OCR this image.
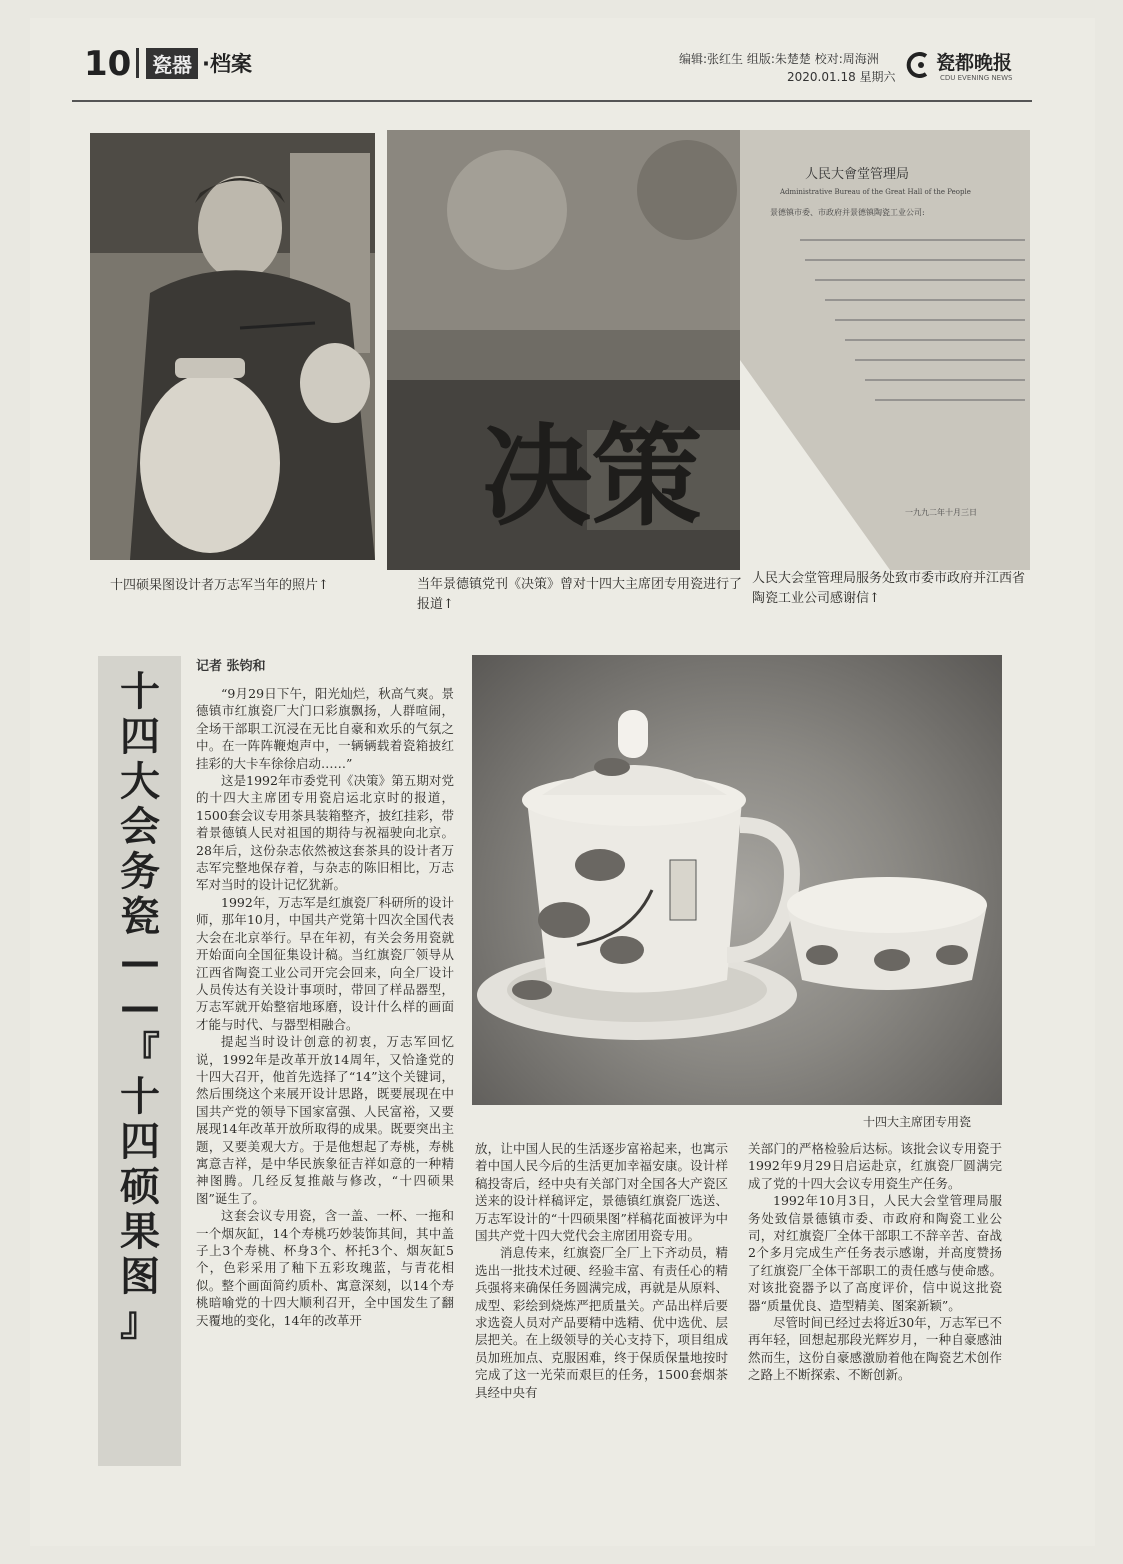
10	瓷器 ·档案	编辑:张红生 组版:朱楚楚 校对:周海洲
2020.01.18 星期六
瓷都晚报
CDU EVENING NEWS
十四硕果图设计者万志军当年的照片↑
决策
当年景德镇党刊《决策》曾对十四大主席团专用瓷进行了报道↑
人民大會堂管理局
Administrative Bureau of the Great Hall of the People
景德镇市委、市政府并景德镇陶瓷工业公司:
一九九二年十月三日
人民大会堂管理局服务处致市委市政府并江西省陶瓷工业公司感谢信↑
十
四
大
会
务
瓷
—
—
『
十
四
硕
果
图
』
记者 张钧和

“9月29日下午，阳光灿烂，秋高气爽。景德镇市红旗瓷厂大门口彩旗飘扬，人群喧闹，全场干部职工沉浸在无比自豪和欢乐的气氛之中。在一阵阵鞭炮声中，一辆辆载着瓷箱披红挂彩的大卡车徐徐启动……”

这是1992年市委党刊《决策》第五期对党的十四大主席团专用瓷启运北京时的报道，1500套会议专用茶具装箱整齐，披红挂彩，带着景德镇人民对祖国的期待与祝福驶向北京。28年后，这份杂志依然被这套茶具的设计者万志军完整地保存着，与杂志的陈旧相比，万志军对当时的设计记忆犹新。

1992年，万志军是红旗瓷厂科研所的设计师，那年10月，中国共产党第十四次全国代表大会在北京举行。早在年初，有关会务用瓷就开始面向全国征集设计稿。当红旗瓷厂领导从江西省陶瓷工业公司开完会回来，向全厂设计人员传达有关设计事项时，带回了样品器型，万志军就开始整宿地琢磨，设计什么样的画面才能与时代、与器型相融合。

提起当时设计创意的初衷，万志军回忆说，1992年是改革开放14周年，又恰逢党的十四大召开，他首先选择了“14”这个关键词，然后围绕这个来展开设计思路，既要展现在中国共产党的领导下国家富强、人民富裕，又要展现14年改革开放所取得的成果。既要突出主题，又要美观大方。于是他想起了寿桃，寿桃寓意吉祥，是中华民族象征吉祥如意的一种精神图腾。几经反复推敲与修改，“十四硕果图”诞生了。

这套会议专用瓷，含一盖、一杯、一拖和一个烟灰缸，14个寿桃巧妙装饰其间，其中盖子上3个寿桃、杯身3个、杯托3个、烟灰缸5个，色彩采用了釉下五彩玫瑰蓝，与青花相似。整个画面简约质朴、寓意深刻，以14个寿桃暗喻党的十四大顺利召开，全中国发生了翻天覆地的变化，14年的改革开

十四大主席团专用瓷

放，让中国人民的生活逐步富裕起来，也寓示着中国人民今后的生活更加幸福安康。设计样稿投寄后，经中央有关部门对全国各大产瓷区送来的设计样稿评定，景德镇红旗瓷厂选送、万志军设计的“十四硕果图”样稿花面被评为中国共产党十四大党代会主席团用瓷专用。

消息传来，红旗瓷厂全厂上下齐动员，精选出一批技术过硬、经验丰富、有责任心的精兵强将来确保任务圆满完成，再就是从原料、成型、彩绘到烧炼严把质量关。产品出样后要求选瓷人员对产品要精中选精、优中选优、层层把关。在上级领导的关心支持下，项目组成员加班加点、克服困难，终于保质保量地按时完成了这一光荣而艰巨的任务，1500套烟茶具经中央有

关部门的严格检验后达标。该批会议专用瓷于1992年9月29日启运赴京，红旗瓷厂圆满完成了党的十四大会议专用瓷生产任务。

1992年10月3日，人民大会堂管理局服务处致信景德镇市委、市政府和陶瓷工业公司，对红旗瓷厂全体干部职工不辞辛苦、奋战2个多月完成生产任务表示感谢，并高度赞扬了红旗瓷厂全体干部职工的责任感与使命感。对该批瓷器予以了高度评价，信中说这批瓷器“质量优良、造型精美、图案新颖”。

尽管时间已经过去将近30年，万志军已不再年轻，回想起那段光辉岁月，一种自豪感油然而生，这份自豪感激励着他在陶瓷艺术创作之路上不断探索、不断创新。
